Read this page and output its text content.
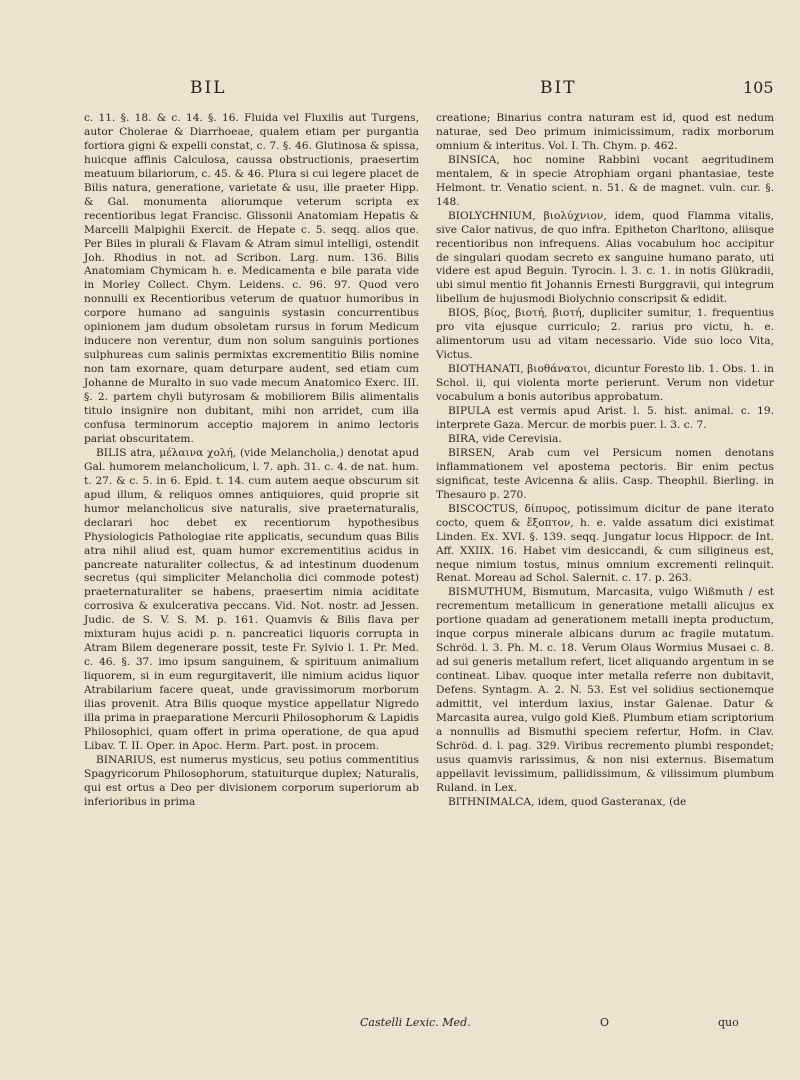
BIL	BIT	105

c. 11. §. 18. & c. 14. §. 16. Fluida vel Fluxilis aut Turgens, autor Cholerae & Diarrhoeae, qualem etiam per purgantia fortiora gigni & expelli constat, c. 7. §. 46. Glutinosa & spissa, huicque affinis Calculosa, caussa obstructionis, praesertim meatuum bilariorum, c. 45. & 46. Plura si cui legere placet de Bilis natura, generatione, varietate & usu, ille praeter Hipp. & Gal. monumenta aliorumque veterum scripta ex recentioribus legat Francisc. Glissonii Anatomiam Hepatis & Marcelli Malpighii Exercit. de Hepate c. 5. seqq. alios que. Per Biles in plurali & Flavam & Atram simul intelligi, ostendit Joh. Rhodius in not. ad Scribon. Larg. num. 136. Bilis Anatomiam Chymicam h. e. Medicamenta e bile parata vide in Morley Collect. Chym. Leidens. c. 96. 97. Quod vero nonnulli ex Recentioribus veterum de quatuor humoribus in corpore humano ad sanguinis systasin concurrentibus opinionem jam dudum obsoletam rursus in forum Medicum inducere non verentur, dum non solum sanguinis portiones sulphureas cum salinis permixtas excrementitio Bilis nomine non tam exornare, quam deturpare audent, sed etiam cum Johanne de Muralto in suo vade mecum Anatomico Exerc. III. §. 2. partem chyli butyrosam & mobiliorem Bilis alimentalis titulo insignire non dubitant, mihi non arridet, cum illa confusa terminorum acceptio majorem in animo lectoris pariat obscuritatem.

BILIS atra, μέλαινα χολή, (vide Melancholia,) denotat apud Gal. humorem melancholicum, l. 7. aph. 31. c. 4. de nat. hum. t. 27. & c. 5. in 6. Epid. t. 14. cum autem aeque obscurum sit apud illum, & reliquos omnes antiquiores, quid proprie sit humor melancholicus sive naturalis, sive praeternaturalis, declarari hoc debet ex recentiorum hypothesibus Physiologicis Pathologiae rite applicatis, secundum quas Bilis atra nihil aliud est, quam humor excrementitius acidus in pancreate naturaliter collectus, & ad intestinum duodenum secretus (qui simpliciter Melancholia dici commode potest) praeternaturaliter se habens, praesertim nimia aciditate corrosiva & exulcerativa peccans. Vid. Not. nostr. ad Jessen. Judic. de S. V. S. M. p. 161. Quamvis & Bilis flava per mixturam hujus acidi p. n. pancreatici liquoris corrupta in Atram Bilem degenerare possit, teste Fr. Sylvio l. 1. Pr. Med. c. 46. §. 37. imo ipsum sanguinem, & spirituum animalium liquorem, si in eum regurgitaverit, ille nimium acidus liquor Atrabilarium facere queat, unde gravissimorum morborum ilias provenit. Atra Bilis quoque mystice appellatur Nigredo illa prima in praeparatione Mercurii Philosophorum & Lapidis Philosophici, quam offert in prima operatione, de qua apud Libav. T. II. Oper. in Apoc. Herm. Part. post. in procem.

BINARIUS, est numerus mysticus, seu potius commentitius Spagyricorum Philosophorum, statuiturque duplex; Naturalis, qui est ortus a Deo per divisionem corporum superiorum ab inferioribus in prima

creatione; Binarius contra naturam est id, quod est nedum naturae, sed Deo primum inimicissimum, radix morborum omnium & interitus. Vol. I. Th. Chym. p. 462.

BINSICA, hoc nomine Rabbini vocant aegritudinem mentalem, & in specie Atrophiam organi phantasiae, teste Helmont. tr. Venatio scient. n. 51. & de magnet. vuln. cur. §. 148.

BIOLYCHNIUM, βιολύχνιον, idem, quod Flamma vitalis, sive Calor nativus, de quo infra. Epitheton Charltono, aliisque recentioribus non infrequens. Alias vocabulum hoc accipitur de singulari quodam secreto ex sanguine humano parato, uti videre est apud Beguin. Tyrocin. l. 3. c. 1. in notis Glükradii, ubi simul mentio fit Johannis Ernesti Burggravii, qui integrum libellum de hujusmodi Biolychnio conscripsit & edidit.

BIOS, βίος, βιοτή, βιοτή, dupliciter sumitur, 1. frequentius pro vita ejusque curriculo; 2. rarius pro victu, h. e. alimentorum usu ad vitam necessario. Vide suo loco Vita, Victus.

BIOTHANATI, βιοθάνατοι, dicuntur Foresto lib. 1. Obs. 1. in Schol. ii, qui violenta morte perierunt. Verum non videtur vocabulum a bonis autoribus approbatum.

BIPULA est vermis apud Arist. l. 5. hist. animal. c. 19. interprete Gaza. Mercur. de morbis puer. l. 3. c. 7.

BIRA, vide Cerevisia.

BIRSEN, Arab cum vel Persicum nomen denotans inflammationem vel apostema pectoris. Bir enim pectus significat, teste Avicenna & aliis. Casp. Theophil. Bierling. in Thesauro p. 270.

BISCOCTUS, δίπυρος, potissimum dicitur de pane iterato cocto, quem & ἔξοπτον, h. e. valde assatum dici existimat Linden. Ex. XVI. §. 139. seqq. Jungatur locus Hippocr. de Int. Aff. XXIIX. 16. Habet vim desiccandi, & cum siligineus est, neque nimium tostus, minus omnium excrementi relinquit. Renat. Moreau ad Schol. Salernit. c. 17. p. 263.

BISMUTHUM, Bismutum, Marcasita, vulgo Wißmuth / est recrementum metallicum in generatione metalli alicujus ex portione quadam ad generationem metalli inepta productum, inque corpus minerale albicans durum ac fragile mutatum. Schröd. l. 3. Ph. M. c. 18. Verum Olaus Wormius Musaei c. 8. ad sui generis metallum refert, licet aliquando argentum in se contineat. Libav. quoque inter metalla referre non dubitavit, Defens. Syntagm. A. 2. N. 53. Est vel solidius sectionemque admittit, vel interdum laxius, instar Galenae. Datur & Marcasita aurea, vulgo gold Kieß. Plumbum etiam scriptorium a nonnullis ad Bismuthi speciem refertur, Hofm. in Clav. Schröd. d. l. pag. 329. Viribus recremento plumbi respondet; usus quamvis rarissimus, & non nisi externus. Bisematum appellavit levissimum, pallidissimum, & vilissimum plumbum Ruland. in Lex.

BITHNIMALCA, idem, quod Gasteranax, (de

Castelli Lexic. Med.	O	quo
